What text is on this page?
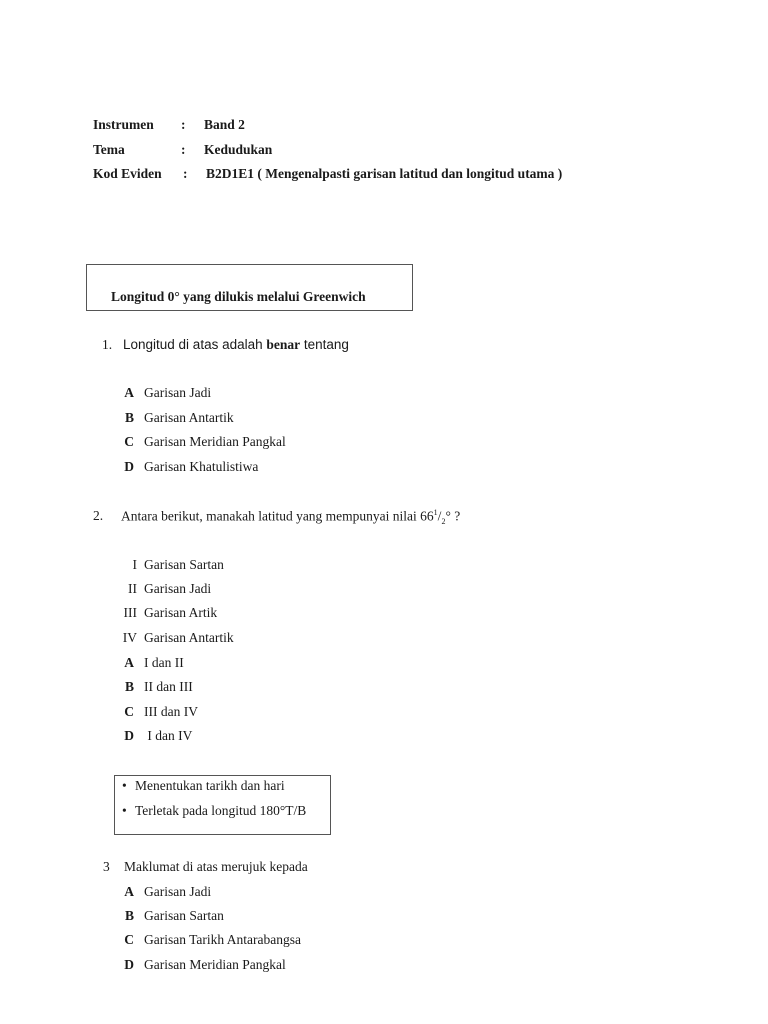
Instrumen : Band 2
Tema	: Kedudukan
Kod Eviden : B2D1E1 ( Mengenalpasti garisan latitud dan longitud utama )
Longitud 0° yang dilukis melalui Greenwich
1. Longitud di atas adalah benar tentang
A Garisan Jadi
B Garisan Antartik
C Garisan Meridian Pangkal
D Garisan Khatulistiwa
2. Antara berikut, manakah latitud yang mempunyai nilai $66^1/_2^\circ$ ?
I Garisan Sartan
II Garisan Jadi
III Garisan Artik
IV Garisan Antartik
A I dan II
B II dan III
C III dan IV
D I dan IV
• Menentukan tarikh dan hari
• Terletak pada longitud 180°T/B
3 Maklumat di atas merujuk kepada
A Garisan Jadi
B Garisan Sartan
C Garisan Tarikh Antarabangsa
D Garisan Meridian Pangkal
